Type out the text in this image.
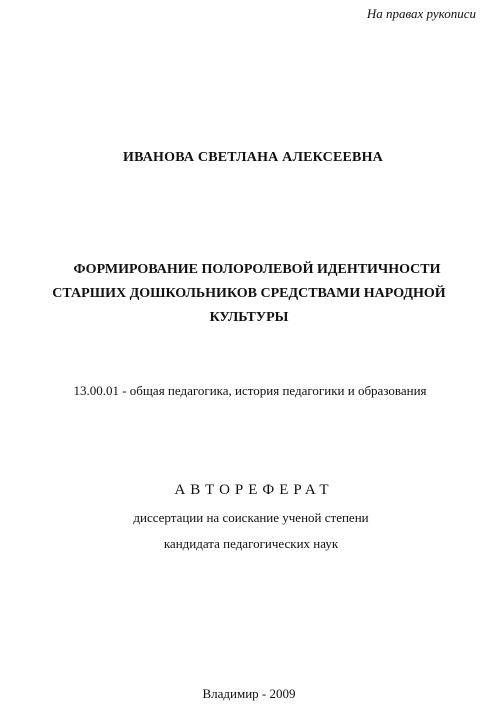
На правах рукописи

ИВАНОВА СВЕТЛАНА АЛЕКСЕЕВНА

ФОРМИРОВАНИЕ ПОЛОРОЛЕВОЙ ИДЕНТИЧНОСТИ
СТАРШИХ ДОШКОЛЬНИКОВ СРЕДСТВАМИ НАРОДНОЙ
КУЛЬТУРЫ

13.00.01 - общая педагогика, история педагогики и образования

АВТОРЕФЕРАТ

диссертации на соискание ученой степени

кандидата педагогических наук

Владимир - 2009
